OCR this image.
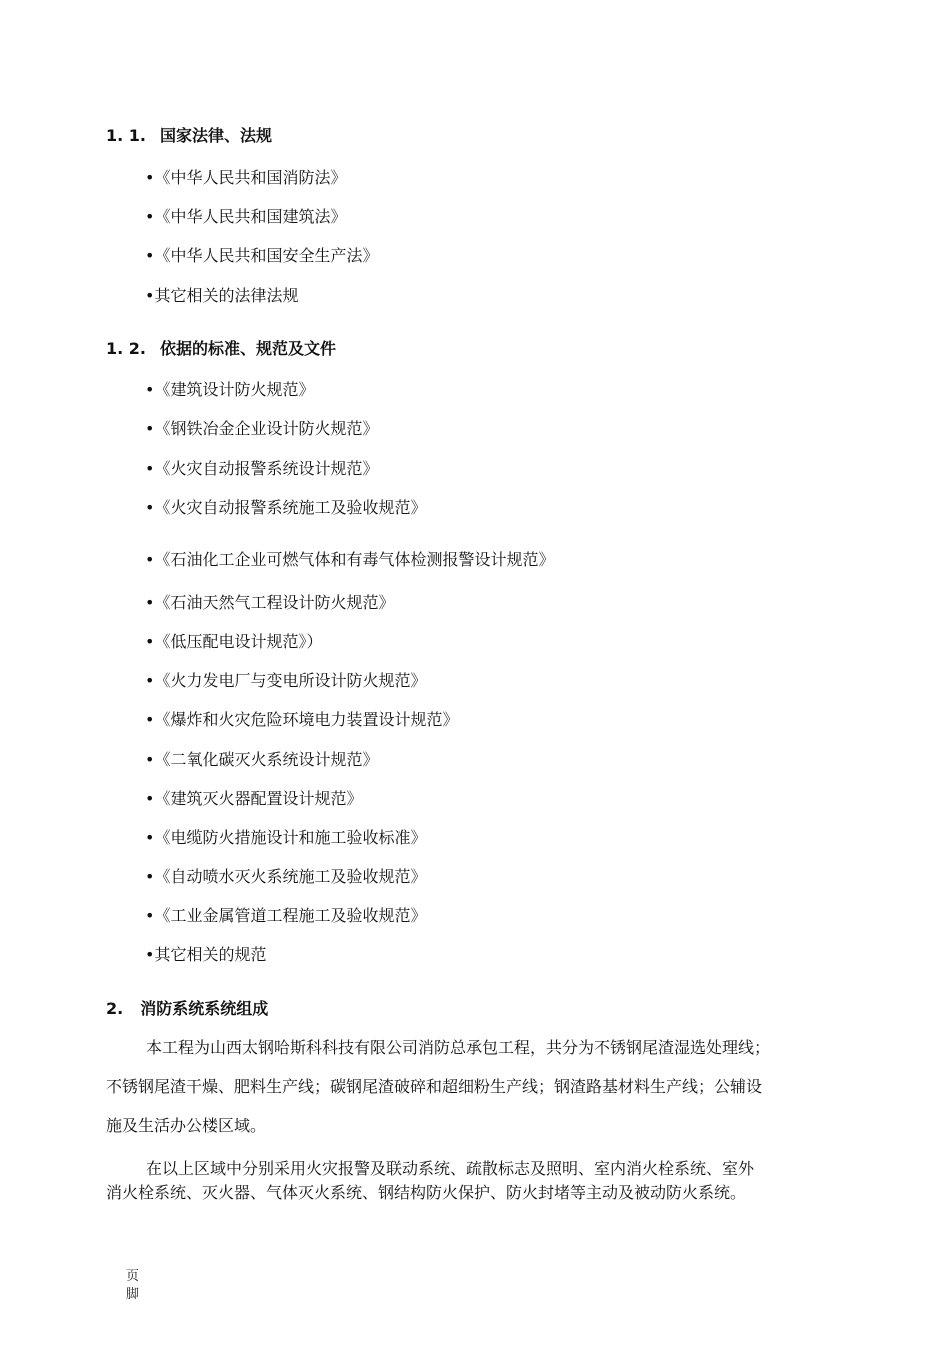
1. 1. 国家法律、法规
•《中华人民共和国消防法》
•《中华人民共和国建筑法》
•《中华人民共和国安全生产法》
•其它相关的法律法规
1. 2. 依据的标准、规范及文件
•《建筑设计防火规范》
•《钢铁冶金企业设计防火规范》
•《火灾自动报警系统设计规范》
•《火灾自动报警系统施工及验收规范》
•《石油化工企业可燃气体和有毒气体检测报警设计规范》
•《石油天然气工程设计防火规范》
•《低压配电设计规范》）
•《火力发电厂与变电所设计防火规范》
•《爆炸和火灾危险环境电力装置设计规范》
•《二氧化碳灭火系统设计规范》
•《建筑灭火器配置设计规范》
•《电缆防火措施设计和施工验收标准》
•《自动喷水灭火系统施工及验收规范》
•《工业金属管道工程施工及验收规范》
•其它相关的规范
2. 消防系统系统组成
本工程为山西太钢哈斯科科技有限公司消防总承包工程，共分为不锈钢尾渣湿选处理线；
不锈钢尾渣干燥、肥料生产线；碳钢尾渣破碎和超细粉生产线；钢渣路基材料生产线；公辅设
施及生活办公楼区域。
在以上区域中分别采用火灾报警及联动系统、疏散标志及照明、室内消火栓系统、室外
消火栓系统、灭火器、气体灭火系统、钢结构防火保护、防火封堵等主动及被动防火系统。
页
脚
